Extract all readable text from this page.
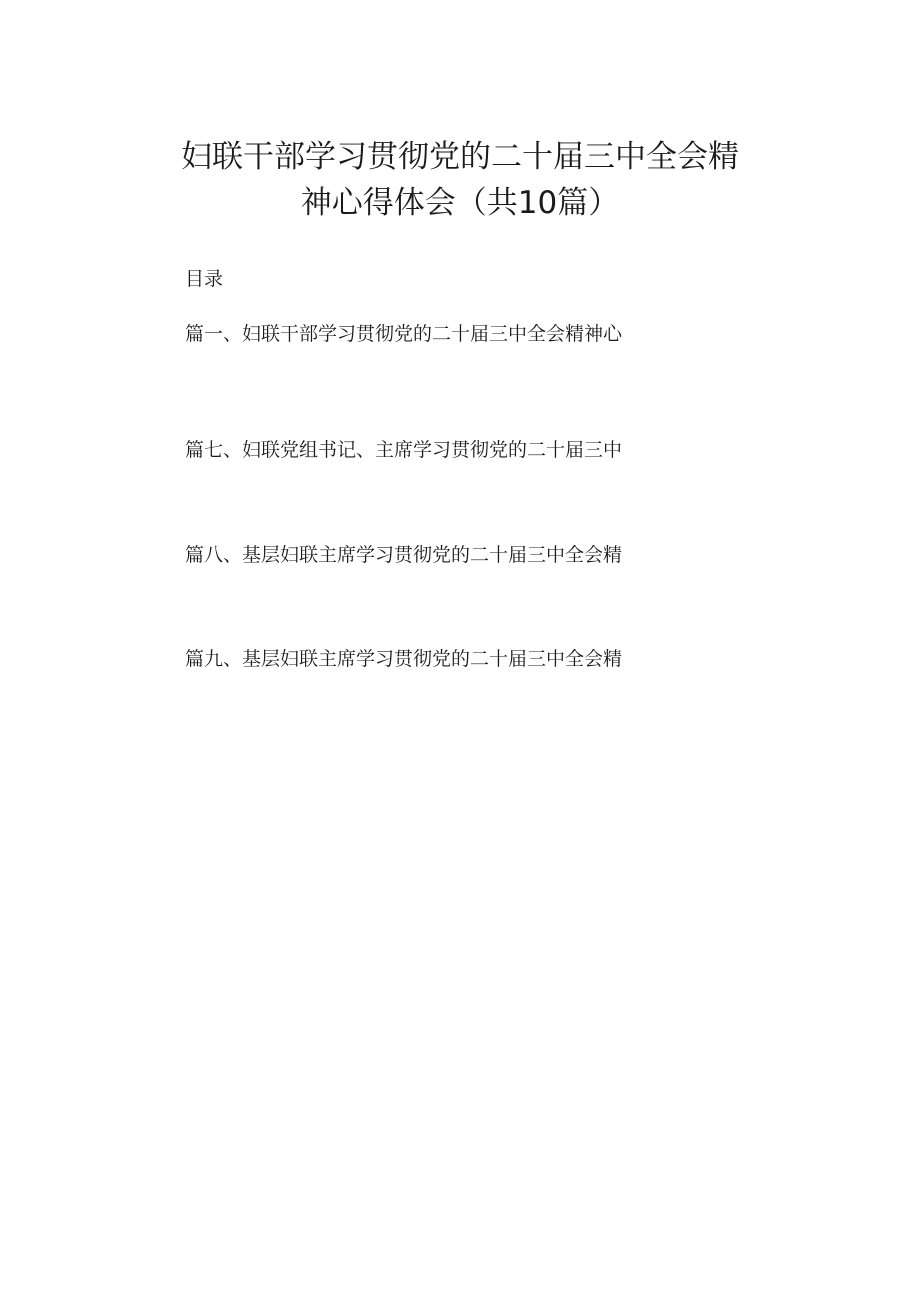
妇联干部学习贯彻党的二十届三中全会精
神心得体会（共10篇）
目录
篇一、妇联干部学习贯彻党的二十届三中全会精神心
篇七、妇联党组书记、主席学习贯彻党的二十届三中
篇八、基层妇联主席学习贯彻党的二十届三中全会精
篇九、基层妇联主席学习贯彻党的二十届三中全会精
